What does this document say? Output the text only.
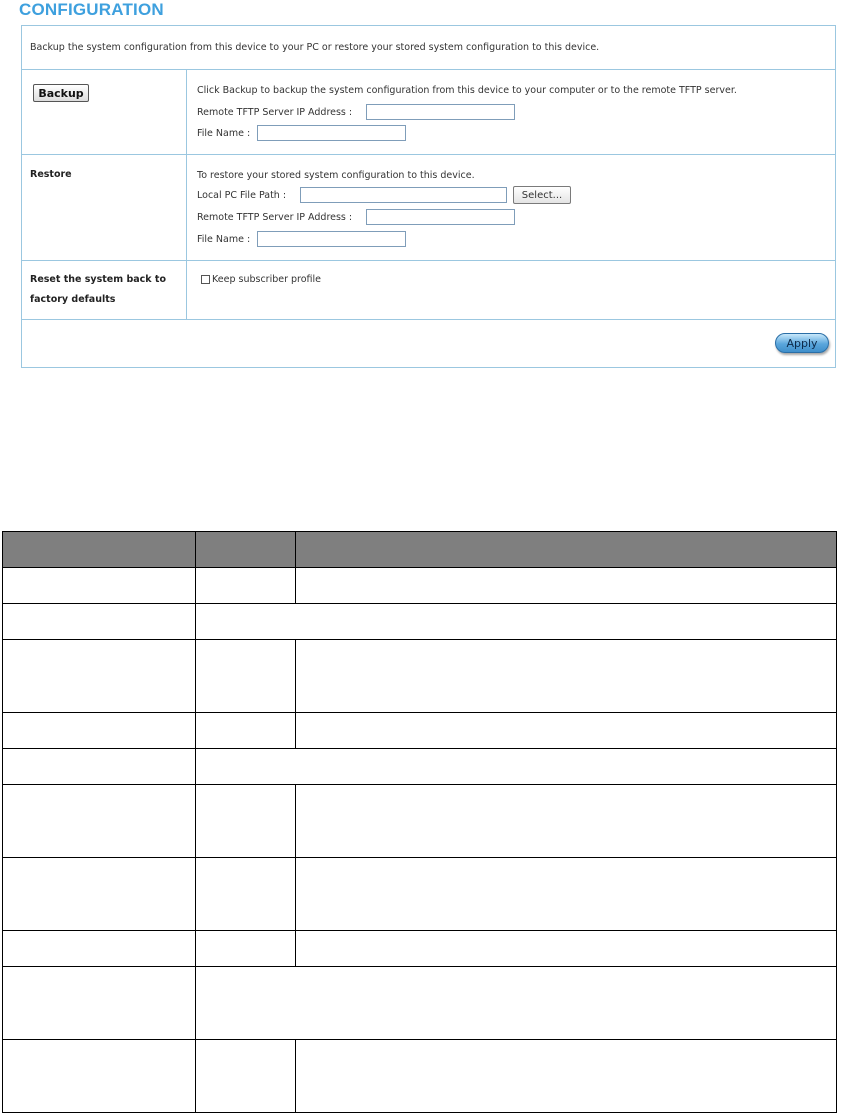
CONFIGURATION
Backup the system configuration from this device to your PC or restore your stored system configuration to this device.
Backup	Click Backup to backup the system configuration from this device to your computer or to the remote TFTP server.
Remote TFTP Server IP Address :
File Name :
Restore	To restore your stored system configuration to this device.
Local PC File Path :	Select...
Remote TFTP Server IP Address :
File Name :
Reset the system back to
factory defaults
Keep subscriber profile
Apply
